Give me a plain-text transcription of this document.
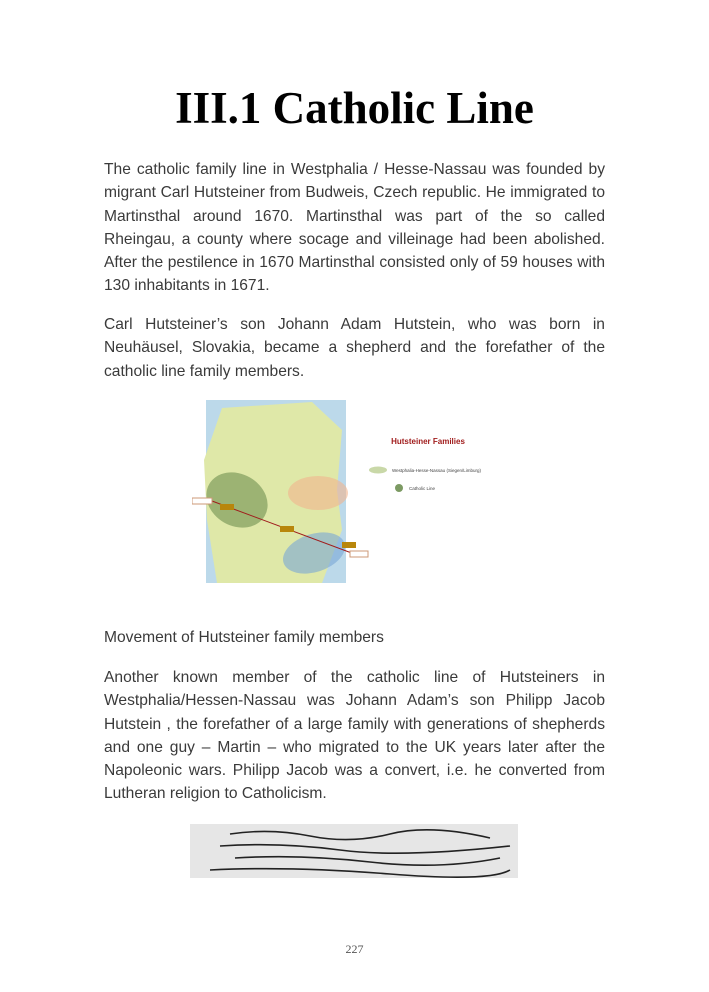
III.1 Catholic Line

The catholic family line in Westphalia / Hesse-Nassau was founded by migrant Carl Hutsteiner from Budweis, Czech republic. He immigrated to Martinsthal around 1670. Martinsthal was part of the so called Rheingau, a county where socage and villeinage had been abolished. After the pestilence in 1670 Martinsthal consisted only of 59 houses with 130 inhabitants in 1671.

Carl Hutsteiner’s son Johann Adam Hutstein, who was born in Neuhäusel, Slovakia, became a shepherd and the forefather of the catholic line family members.

Hutsteiner Families
Westphalia-Hesse-Nassau (Siegen/Limburg)
Catholic Line

Movement of Hutsteiner family members

Another known member of the catholic line of Hutsteiners in Westphalia/Hessen-Nassau was Johann Adam’s son Philipp Jacob Hutstein , the forefather of a large family with generations of shepherds and one guy – Martin – who migrated to the UK years later after the Napoleonic wars. Philipp Jacob was a convert, i.e. he converted from Lutheran religion to Catholicism.

227
